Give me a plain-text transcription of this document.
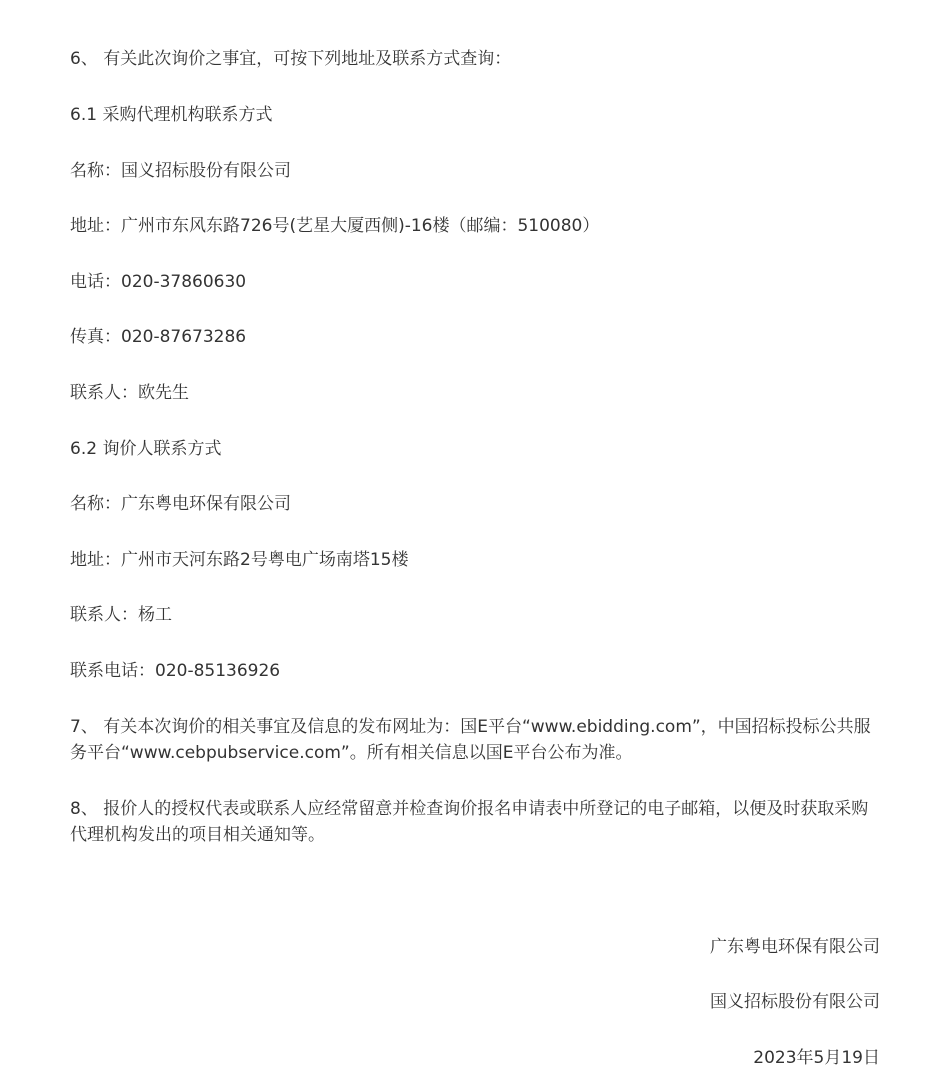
6、 有关此次询价之事宜，可按下列地址及联系方式查询：
6.1 采购代理机构联系方式
名称：国义招标股份有限公司
地址：广州市东风东路726号(艺星大厦西侧)-16楼（邮编：510080）
电话：020-37860630
传真：020-87673286
联系人：欧先生
6.2 询价人联系方式
名称：广东粤电环保有限公司
地址：广州市天河东路2号粤电广场南塔15楼
联系人：杨工
联系电话：020-85136926
7、 有关本次询价的相关事宜及信息的发布网址为：国E平台“www.ebidding.com”，中国招标投标公共服务平台“www.cebpubservice.com”。所有相关信息以国E平台公布为准。
8、 报价人的授权代表或联系人应经常留意并检查询价报名申请表中所登记的电子邮箱，以便及时获取采购代理机构发出的项目相关通知等。
广东粤电环保有限公司
国义招标股份有限公司
2023年5月19日
